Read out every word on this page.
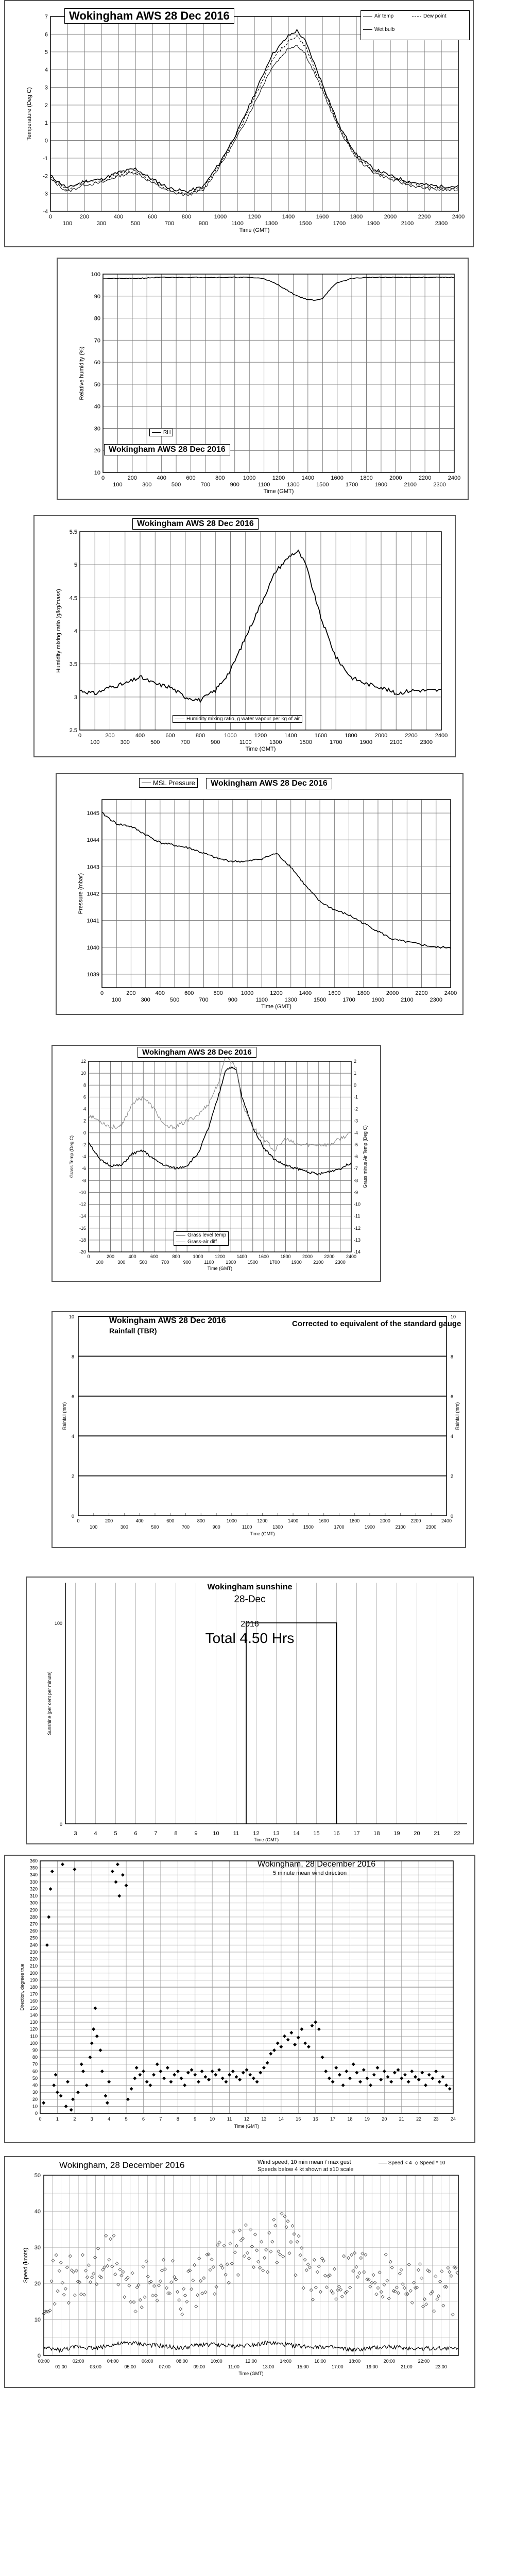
-4
-3
-2
-1
0
1
2
3
4
5
6
7
0	200	400	600	800	1000	1200	1400	1600	1800	2000	2200	2400
100	300	500	700	900	1100	1300	1500	1700	1900	2100	2300
Time (GMT)
Temperature (Deg C)
Wokingham AWS 28 Dec 2016	Air temp	Dew point
Wet bulb
10
20
30
40
50
60
70
80
90
100
0	200	400	600	800	1000	1200	1400	1600	1800	2000	2200	2400
100	300	500	700	900	1100	1300	1500	1700	1900	2100	2300
Time (GMT)
Relative humidity (%)
Wokingham AWS 28 Dec 2016
RH
2.5
3
3.5
4
4.5
5
5.5
0	200	400	600	800	1000	1200	1400	1600	1800	2000	2200	2400
100	300	500	700	900	1100	1300	1500	1700	1900	2100	2300
Time (GMT)
Humidity mixing ratio (g/kg/mass)
Wokingham AWS 28 Dec 2016
Humidity mixing ratio, g water vapour per kg of air
1039
1040
1041
1042
1043
1044
1045
0	200	400	600	800	1000	1200	1400	1600	1800	2000	2200	2400
100	300	500	700	900	1100	1300	1500	1700	1900	2100	2300
Time (GMT)
Pressure (mbar)
Wokingham AWS 28 Dec 2016
MSL Pressure
-20
-18
-16
-14
-12
-10
-8
-6
-4
-2
0
2
4
6
8
10
12
-14
-13
-12
-11
-10
-9
-8
-7
-6
-5
-4
-3
-2
-1
0
1
2
0	200	400	600	800	1000 1200 1400 1600 1800 2000 2200 2400
100	300	500	700	900	1100	1300 1500 1700 1900 2100 2300
Time (GMT)
Grass Temp (Deg C)	Grass minus Air Temp (Deg C)
Wokingham AWS 28 Dec 2016
Grass level temp
Grass-air diff
0	0
2	2
4	4
6	6
8	8
10	10
0	200	400	600	800	1000	1200	1400	1600	1800	2000	2200	2400
100	300	500	700	900	1100	1300	1500	1700	1900	2100	2300
Time (GMT)
Rainfall (mm)	Rainfall (mm)
Wokingham AWS 28 Dec 2016
Rainfall (TBR)
Corrected to equivalent of the standard gauge
0
100
3	4	5	6	7	8	9	10 11 12 13 14 15 16 17 18 19 20 21 22
Time (GMT)
Sunshine (per cent per minute)
Wokingham sunshine
28-Dec
2016
Total 4.50 Hrs
0
10
20
30
40
50
60
70
80
90
100
110
120
130
140
150
160
170
180
190
200
210
220
230
240
250
260
270
280
290
300
310
320
330
340
350
360
0	1	2	3	4	5	6	7	8	9	10	11	12	13	14	15	16	17	18	19	20	21	22	23	24
Time (GMT)
Direction, degrees true
Wokingham, 28 December 2016
5 minute mean wind direction
0
10
20
30
40
50
00:00	02:00	04:00	06:00	08:00	10:00	12:00	14:00	16:00	18:00	20:00	22:00
01:00	03:00	05:00	07:00	09:00	11:00	13:00	15:00	17:00	19:00	21:00	23:00
Time (GMT)
Speed (knots)
Wokingham, 28 December 2016	Wind speed, 10 min mean / max gust
Speeds below 4 kt shown at x10 scale
Speed < 4 ◇ Speed * 10
